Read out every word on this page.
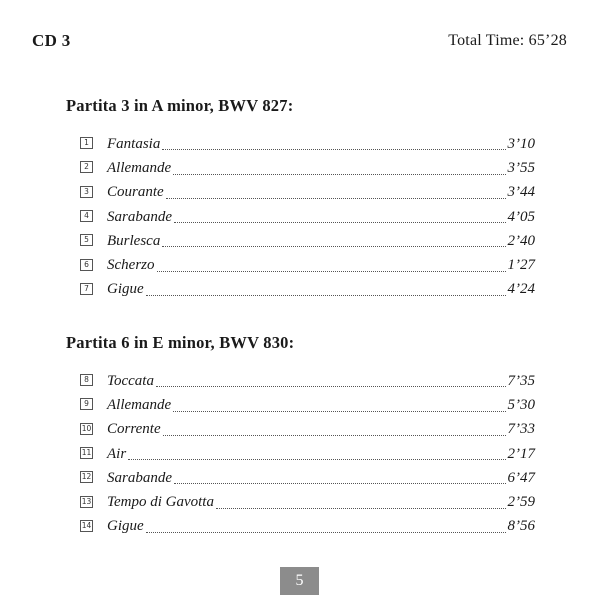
CD 3	Total Time: 65’28
Partita 3 in A minor, BWV 827:
1 Fantasia	3’10
2 Allemande	3’55
3 Courante	3’44
4 Sarabande	4’05
5 Burlesca	2’40
6 Scherzo	1’27
7 Gigue	4’24
Partita 6 in E minor, BWV 830:
8 Toccata	7’35
9 Allemande	5’30
10 Corrente	7’33
11 Air	2’17
12 Sarabande	6’47
13 Tempo di Gavotta	2’59
14 Gigue	8’56
5
